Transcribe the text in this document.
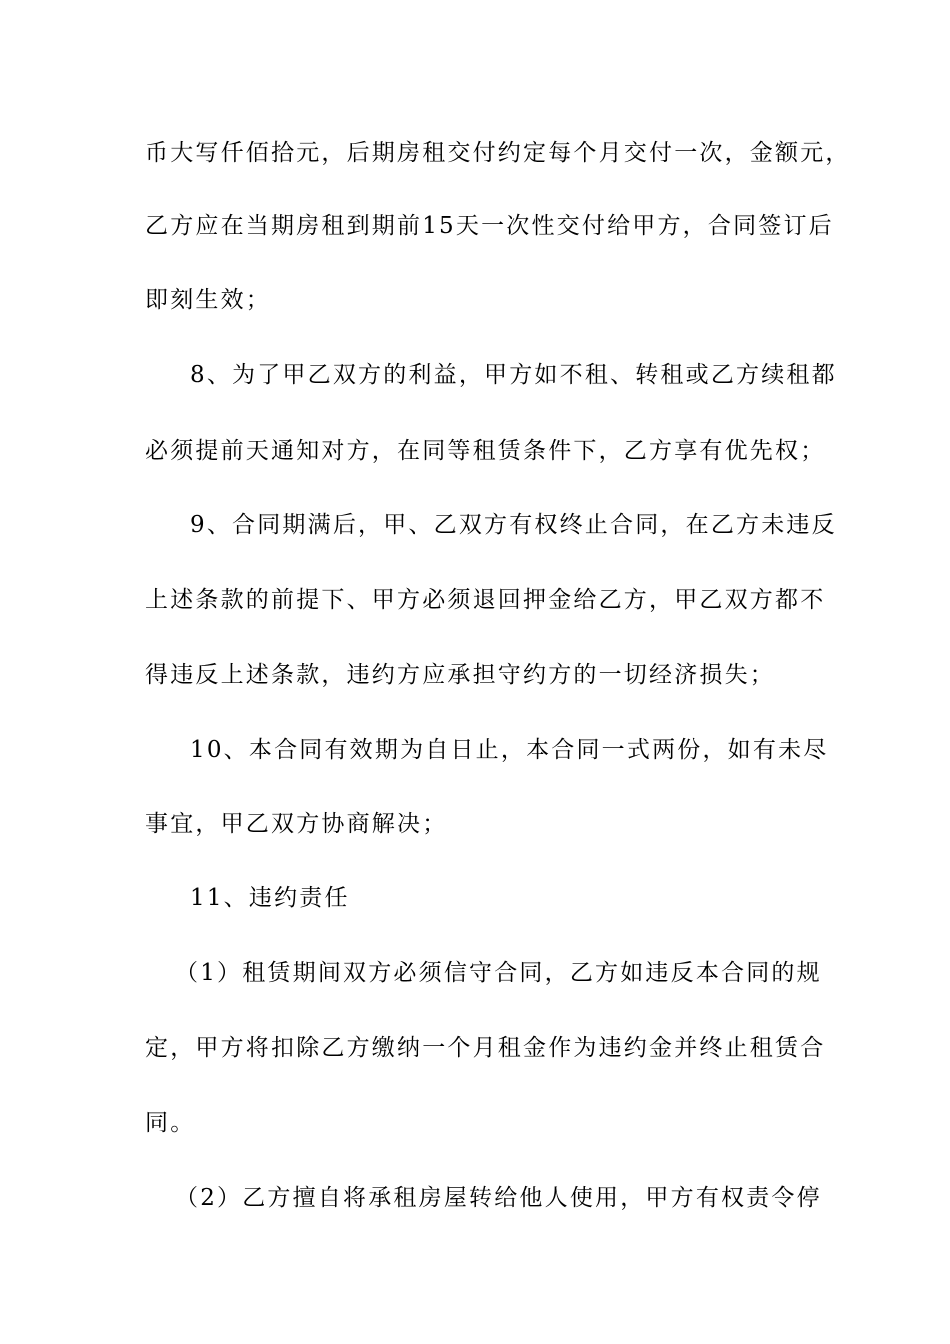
币大写仟佰拾元，后期房租交付约定每个月交付一次，金额元，
乙方应在当期房租到期前15天一次性交付给甲方，合同签订后
即刻生效；
8、为了甲乙双方的利益，甲方如不租、转租或乙方续租都
必须提前天通知对方，在同等租赁条件下，乙方享有优先权；
9、合同期满后，甲、乙双方有权终止合同，在乙方未违反
上述条款的前提下、甲方必须退回押金给乙方，甲乙双方都不
得违反上述条款，违约方应承担守约方的一切经济损失；
10、本合同有效期为自日止，本合同一式两份，如有未尽
事宜，甲乙双方协商解决；
11、违约责任
（1）租赁期间双方必须信守合同，乙方如违反本合同的规
定，甲方将扣除乙方缴纳一个月租金作为违约金并终止租赁合
同。
（2）乙方擅自将承租房屋转给他人使用，甲方有权责令停
